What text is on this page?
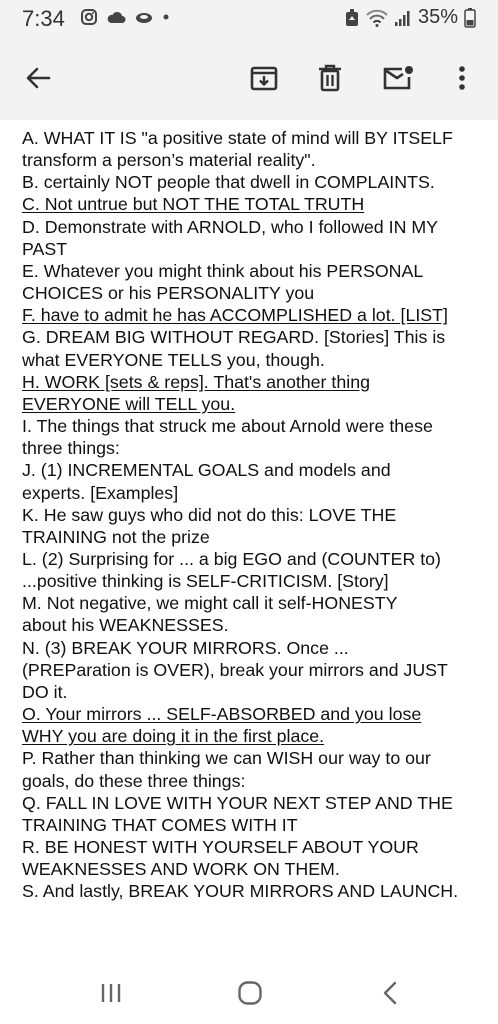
7:34	35%
A. WHAT IT IS "a positive state of mind will BY ITSELF
transform a person’s material reality".
B. certainly NOT people that dwell in COMPLAINTS.
C. Not untrue but NOT THE TOTAL TRUTH
D. Demonstrate with ARNOLD, who I followed IN MY
PAST
E. Whatever you might think about his PERSONAL
CHOICES or his PERSONALITY you
F. have to admit he has ACCOMPLISHED a lot. [LIST]
G. DREAM BIG WITHOUT REGARD. [Stories] This is
what EVERYONE TELLS you, though.
H. WORK [sets & reps]. That's another thing
EVERYONE will TELL you.
I. The things that struck me about Arnold were these
three things:
J. (1) INCREMENTAL GOALS and models and
experts. [Examples]
K. He saw guys who did not do this: LOVE THE
TRAINING not the prize
L. (2) Surprising for ... a big EGO and (COUNTER to)
...positive thinking is SELF-CRITICISM. [Story]
M. Not negative, we might call it self-HONESTY
about his WEAKNESSES.
N. (3) BREAK YOUR MIRRORS. Once ...
(PREParation is OVER), break your mirrors and JUST
DO it.
O. Your mirrors ... SELF-ABSORBED and you lose
WHY you are doing it in the first place.
P. Rather than thinking we can WISH our way to our
goals, do these three things:
Q. FALL IN LOVE WITH YOUR NEXT STEP AND THE
TRAINING THAT COMES WITH IT
R. BE HONEST WITH YOURSELF ABOUT YOUR
WEAKNESSES AND WORK ON THEM.
S. And lastly, BREAK YOUR MIRRORS AND LAUNCH.
